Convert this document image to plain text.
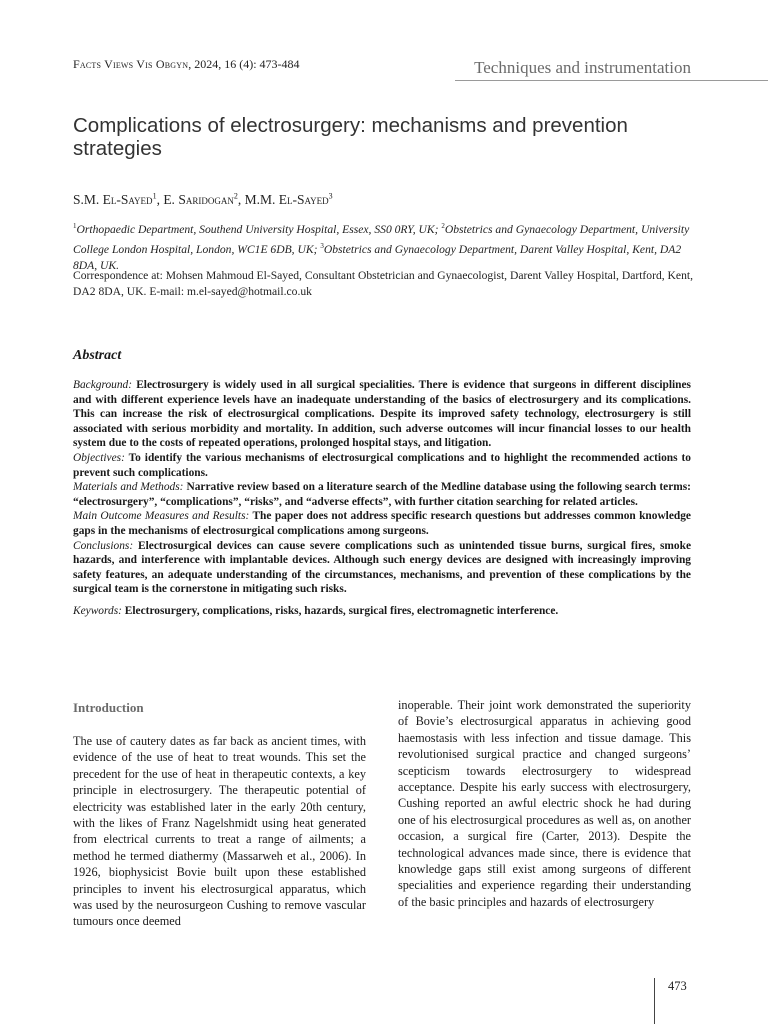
Facts Views Vis Obgyn, 2024, 16 (4): 473-484	Techniques and instrumentation
Complications of electrosurgery: mechanisms and prevention strategies
S.M. El-Sayed$^1$, E. Saridogan$^2$, M.M. El-Sayed$^3$
$^1$Orthopaedic Department, Southend University Hospital, Essex, SS0 0RY, UK; $^2$Obstetrics and Gynaecology Department, University College London Hospital, London, WC1E 6DB, UK; $^3$Obstetrics and Gynaecology Department, Darent Valley Hospital, Kent, DA2 8DA, UK.
Correspondence at: Mohsen Mahmoud El-Sayed, Consultant Obstetrician and Gynaecologist, Darent Valley Hospital, Dartford, Kent, DA2 8DA, UK. E-mail: m.el-sayed@hotmail.co.uk
Abstract

Background: Electrosurgery is widely used in all surgical specialities. There is evidence that surgeons in different disciplines and with different experience levels have an inadequate understanding of the basics of electrosurgery and its complications. This can increase the risk of electrosurgical complications. Despite its improved safety technology, electrosurgery is still associated with serious morbidity and mortality. In addition, such adverse outcomes will incur financial losses to our health system due to the costs of repeated operations, prolonged hospital stays, and litigation.

Objectives: To identify the various mechanisms of electrosurgical complications and to highlight the recommended actions to prevent such complications.

Materials and Methods: Narrative review based on a literature search of the Medline database using the following search terms: “electrosurgery”, “complications”, “risks”, and “adverse effects”, with further citation searching for related articles.

Main Outcome Measures and Results: The paper does not address specific research questions but addresses common knowledge gaps in the mechanisms of electrosurgical complications among surgeons.

Conclusions: Electrosurgical devices can cause severe complications such as unintended tissue burns, surgical fires, smoke hazards, and interference with implantable devices. Although such energy devices are designed with increasingly improving safety features, an adequate understanding of the circumstances, mechanisms, and prevention of these complications by the surgical team is the cornerstone in mitigating such risks.

Keywords: Electrosurgery, complications, risks, hazards, surgical fires, electromagnetic interference.

Introduction

The use of cautery dates as far back as ancient times, with evidence of the use of heat to treat wounds. This set the precedent for the use of heat in therapeutic contexts, a key principle in electrosurgery. The therapeutic potential of electricity was established later in the early 20th century, with the likes of Franz Nagelshmidt using heat generated from electrical currents to treat a range of ailments; a method he termed diathermy (Massarweh et al., 2006). In 1926, biophysicist Bovie built upon these established principles to invent his electrosurgical apparatus, which was used by the neurosurgeon Cushing to remove vascular tumours once deemed

inoperable. Their joint work demonstrated the superiority of Bovie’s electrosurgical apparatus in achieving good haemostasis with less infection and tissue damage. This revolutionised surgical practice and changed surgeons’ scepticism towards electrosurgery to widespread acceptance. Despite his early success with electrosurgery, Cushing reported an awful electric shock he had during one of his electrosurgical procedures as well as, on another occasion, a surgical fire (Carter, 2013). Despite the technological advances made since, there is evidence that knowledge gaps still exist among surgeons of different specialities and experience regarding their understanding of the basic principles and hazards of electrosurgery

473
